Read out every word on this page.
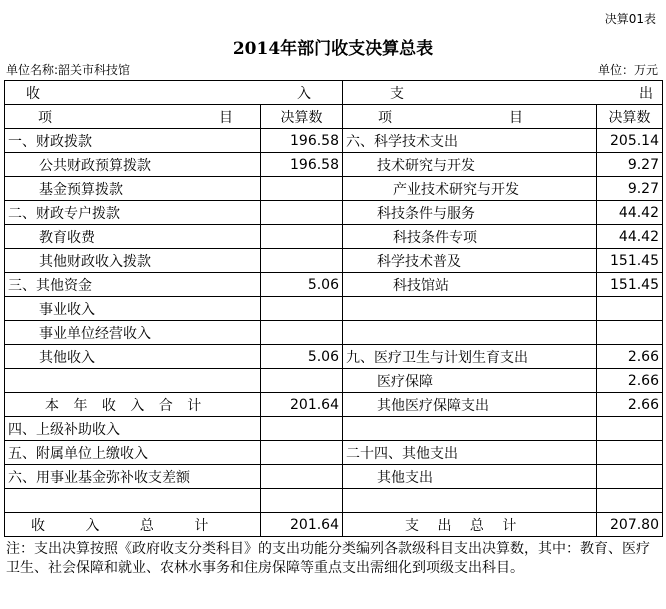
决算01表
2014年部门收支决算总表
单位名称:韶关市科技馆	单位：万元
收 入		支 出	

项 目	决算数	项 目	决算数
一、财政拨款	196.58	六、科学技术支出	205.14
公共财政预算拨款	196.58	技术研究与开发	9.27
基金预算拨款		产业技术研究与开发	9.27
二、财政专户拨款		科技条件与服务	44.42
教育收费		科技条件专项	44.42
其他财政收入拨款		科学技术普及	151.45
三、其他资金	5.06	科技馆站	151.45
事业收入			
事业单位经营收入			
其他收入	5.06	九、医疗卫生与计划生育支出	2.66
		医疗保障	2.66
本 年 收 入 合 计	201.64	其他医疗保障支出	2.66
四、上级补助收入			
五、附属单位上缴收入		二十四、其他支出	
六、用事业基金弥补收支差额		其他支出	

收 入 总 计	201.64	支 出 总 计	207.80
注：支出决算按照《政府收支分类科目》的支出功能分类编列各款级科目支出决算数，其中：教育、医疗卫生、社会保障和就业、农林水事务和住房保障等重点支出需细化到项级支出科目。
